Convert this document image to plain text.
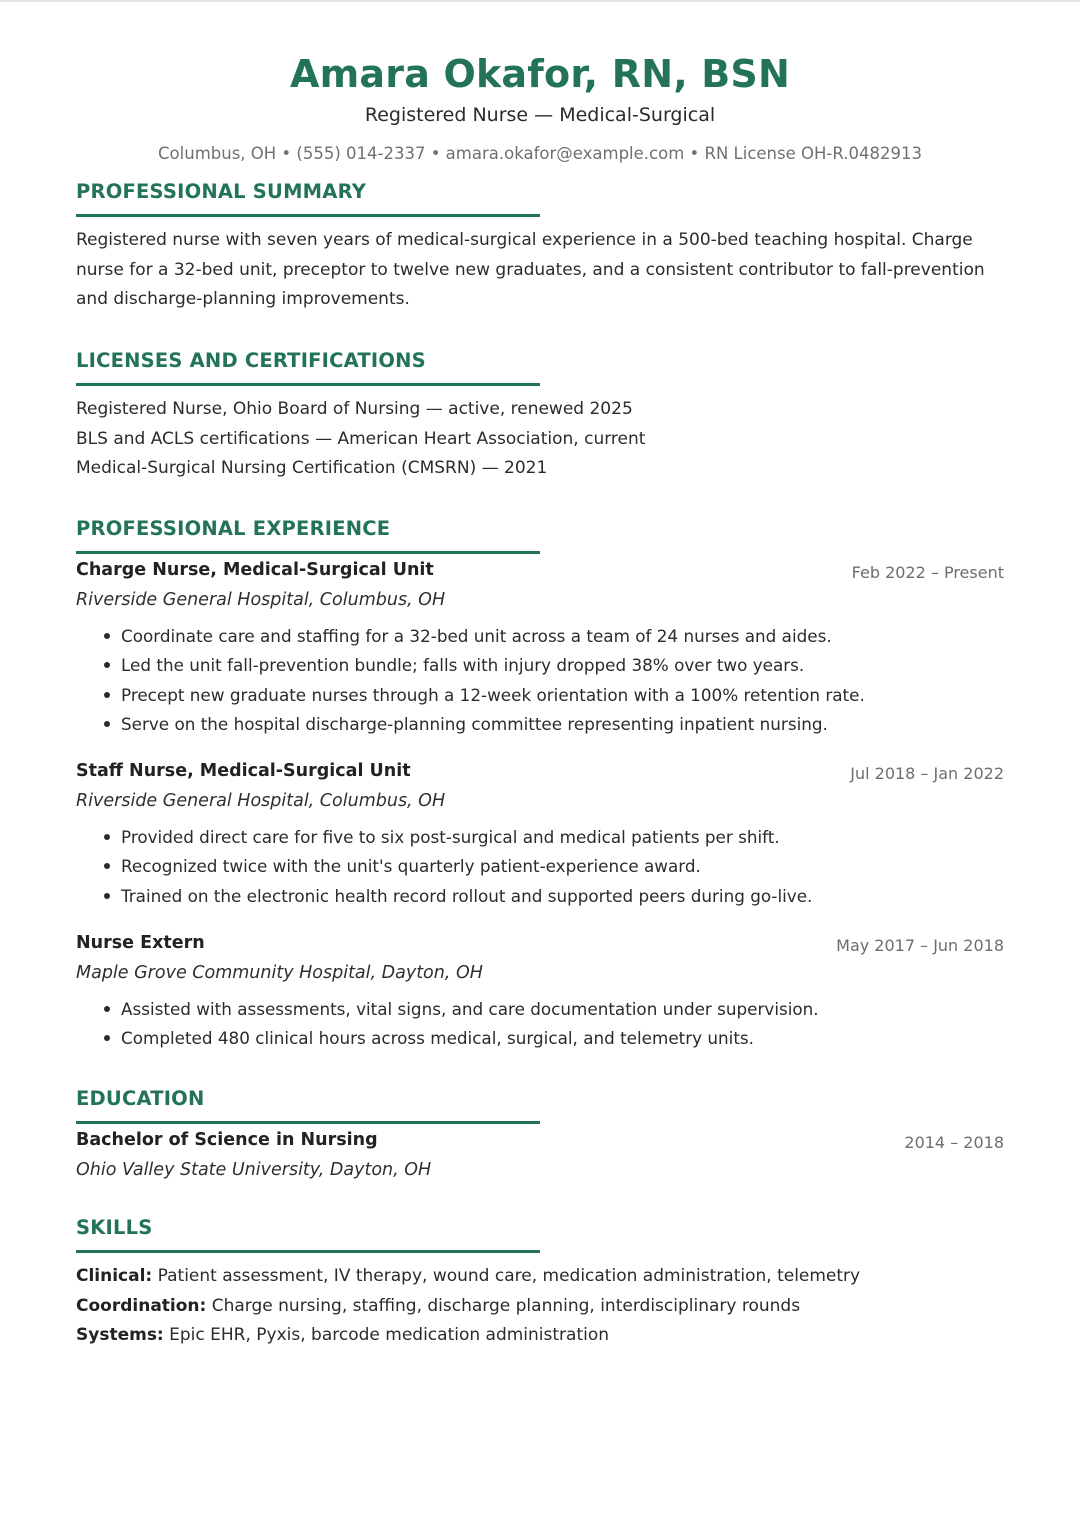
Amara Okafor, RN, BSN
Registered Nurse — Medical-Surgical
Columbus, OH • (555) 014-2337 • amara.okafor@example.com • RN License OH-R.0482913
PROFESSIONAL SUMMARY
Registered nurse with seven years of medical-surgical experience in a 500-bed teaching hospital. Charge nurse for a 32-bed unit, preceptor to twelve new graduates, and a consistent contributor to fall-prevention and discharge-planning improvements.
LICENSES AND CERTIFICATIONS
Registered Nurse, Ohio Board of Nursing — active, renewed 2025
BLS and ACLS certifications — American Heart Association, current
Medical-Surgical Nursing Certification (CMSRN) — 2021
PROFESSIONAL EXPERIENCE
Charge Nurse, Medical-Surgical Unit	Feb 2022 – Present
Riverside General Hospital, Columbus, OH
Coordinate care and staffing for a 32-bed unit across a team of 24 nurses and aides.
Led the unit fall-prevention bundle; falls with injury dropped 38% over two years.
Precept new graduate nurses through a 12-week orientation with a 100% retention rate.
Serve on the hospital discharge-planning committee representing inpatient nursing.
Staff Nurse, Medical-Surgical Unit	Jul 2018 – Jan 2022
Riverside General Hospital, Columbus, OH
Provided direct care for five to six post-surgical and medical patients per shift.
Recognized twice with the unit's quarterly patient-experience award.
Trained on the electronic health record rollout and supported peers during go-live.
Nurse Extern	May 2017 – Jun 2018
Maple Grove Community Hospital, Dayton, OH
Assisted with assessments, vital signs, and care documentation under supervision.
Completed 480 clinical hours across medical, surgical, and telemetry units.
EDUCATION
Bachelor of Science in Nursing	2014 – 2018
Ohio Valley State University, Dayton, OH
SKILLS
Clinical: Patient assessment, IV therapy, wound care, medication administration, telemetry
Coordination: Charge nursing, staffing, discharge planning, interdisciplinary rounds
Systems: Epic EHR, Pyxis, barcode medication administration
